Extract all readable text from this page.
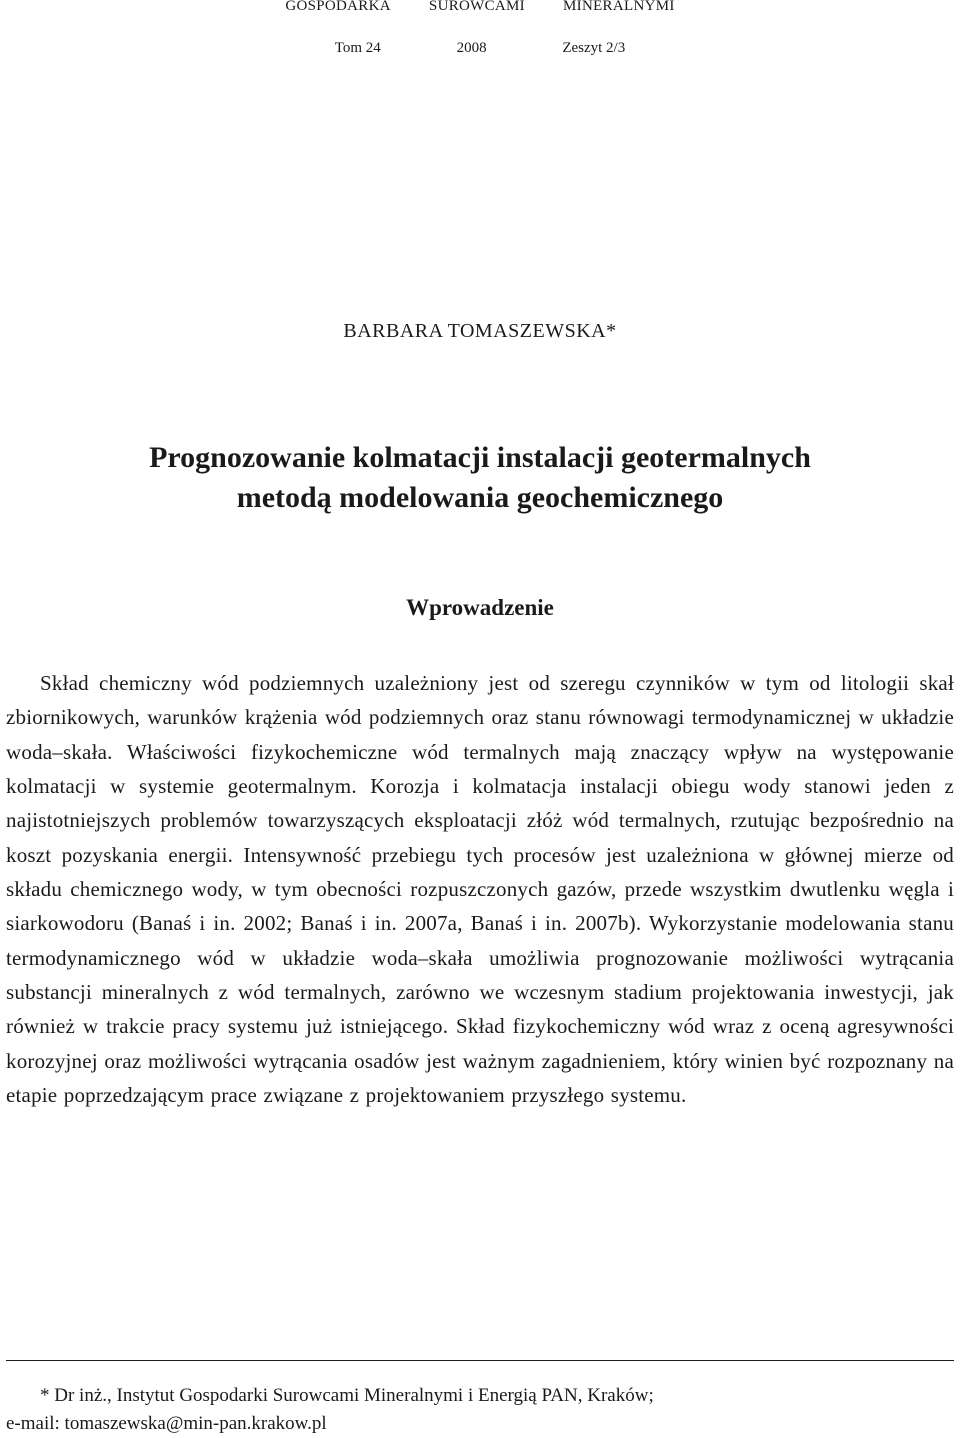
GOSPODARKA	SUROWCAMI	MINERALNYMI
Tom 24	2008	Zeszyt 2/3
BARBARA TOMASZEWSKA*
Prognozowanie kolmatacji instalacji geotermalnych
metodą modelowania geochemicznego
Wprowadzenie

Skład chemiczny wód podziemnych uzależniony jest od szeregu czynników w tym od litologii skał zbiornikowych, warunków krążenia wód podziemnych oraz stanu równowagi termodynamicznej w układzie woda–skała. Właściwości fizykochemiczne wód termalnych mają znaczący wpływ na występowanie kolmatacji w systemie geotermalnym. Korozja i kolmatacja instalacji obiegu wody stanowi jeden z najistotniejszych problemów towarzyszących eksploatacji złóż wód termalnych, rzutując bezpośrednio na koszt pozyskania energii. Intensywność przebiegu tych procesów jest uzależniona w głównej mierze od składu chemicznego wody, w tym obecności rozpuszczonych gazów, przede wszystkim dwutlenku węgla i siarkowodoru (Banaś i in. 2002; Banaś i in. 2007a, Banaś i in. 2007b). Wykorzystanie modelowania stanu termodynamicznego wód w układzie woda–skała umożliwia prognozowanie możliwości wytrącania substancji mineralnych z wód termalnych, zarówno we wczesnym stadium projektowania inwestycji, jak również w trakcie pracy systemu już istniejącego. Skład fizykochemiczny wód wraz z oceną agresywności korozyjnej oraz możliwości wytrącania osadów jest ważnym zagadnieniem, który winien być rozpoznany na etapie poprzedzającym prace związane z projektowaniem przyszłego systemu.

* Dr inż., Instytut Gospodarki Surowcami Mineralnymi i Energią PAN, Kraków;
e-mail: tomaszewska@min-pan.krakow.pl
